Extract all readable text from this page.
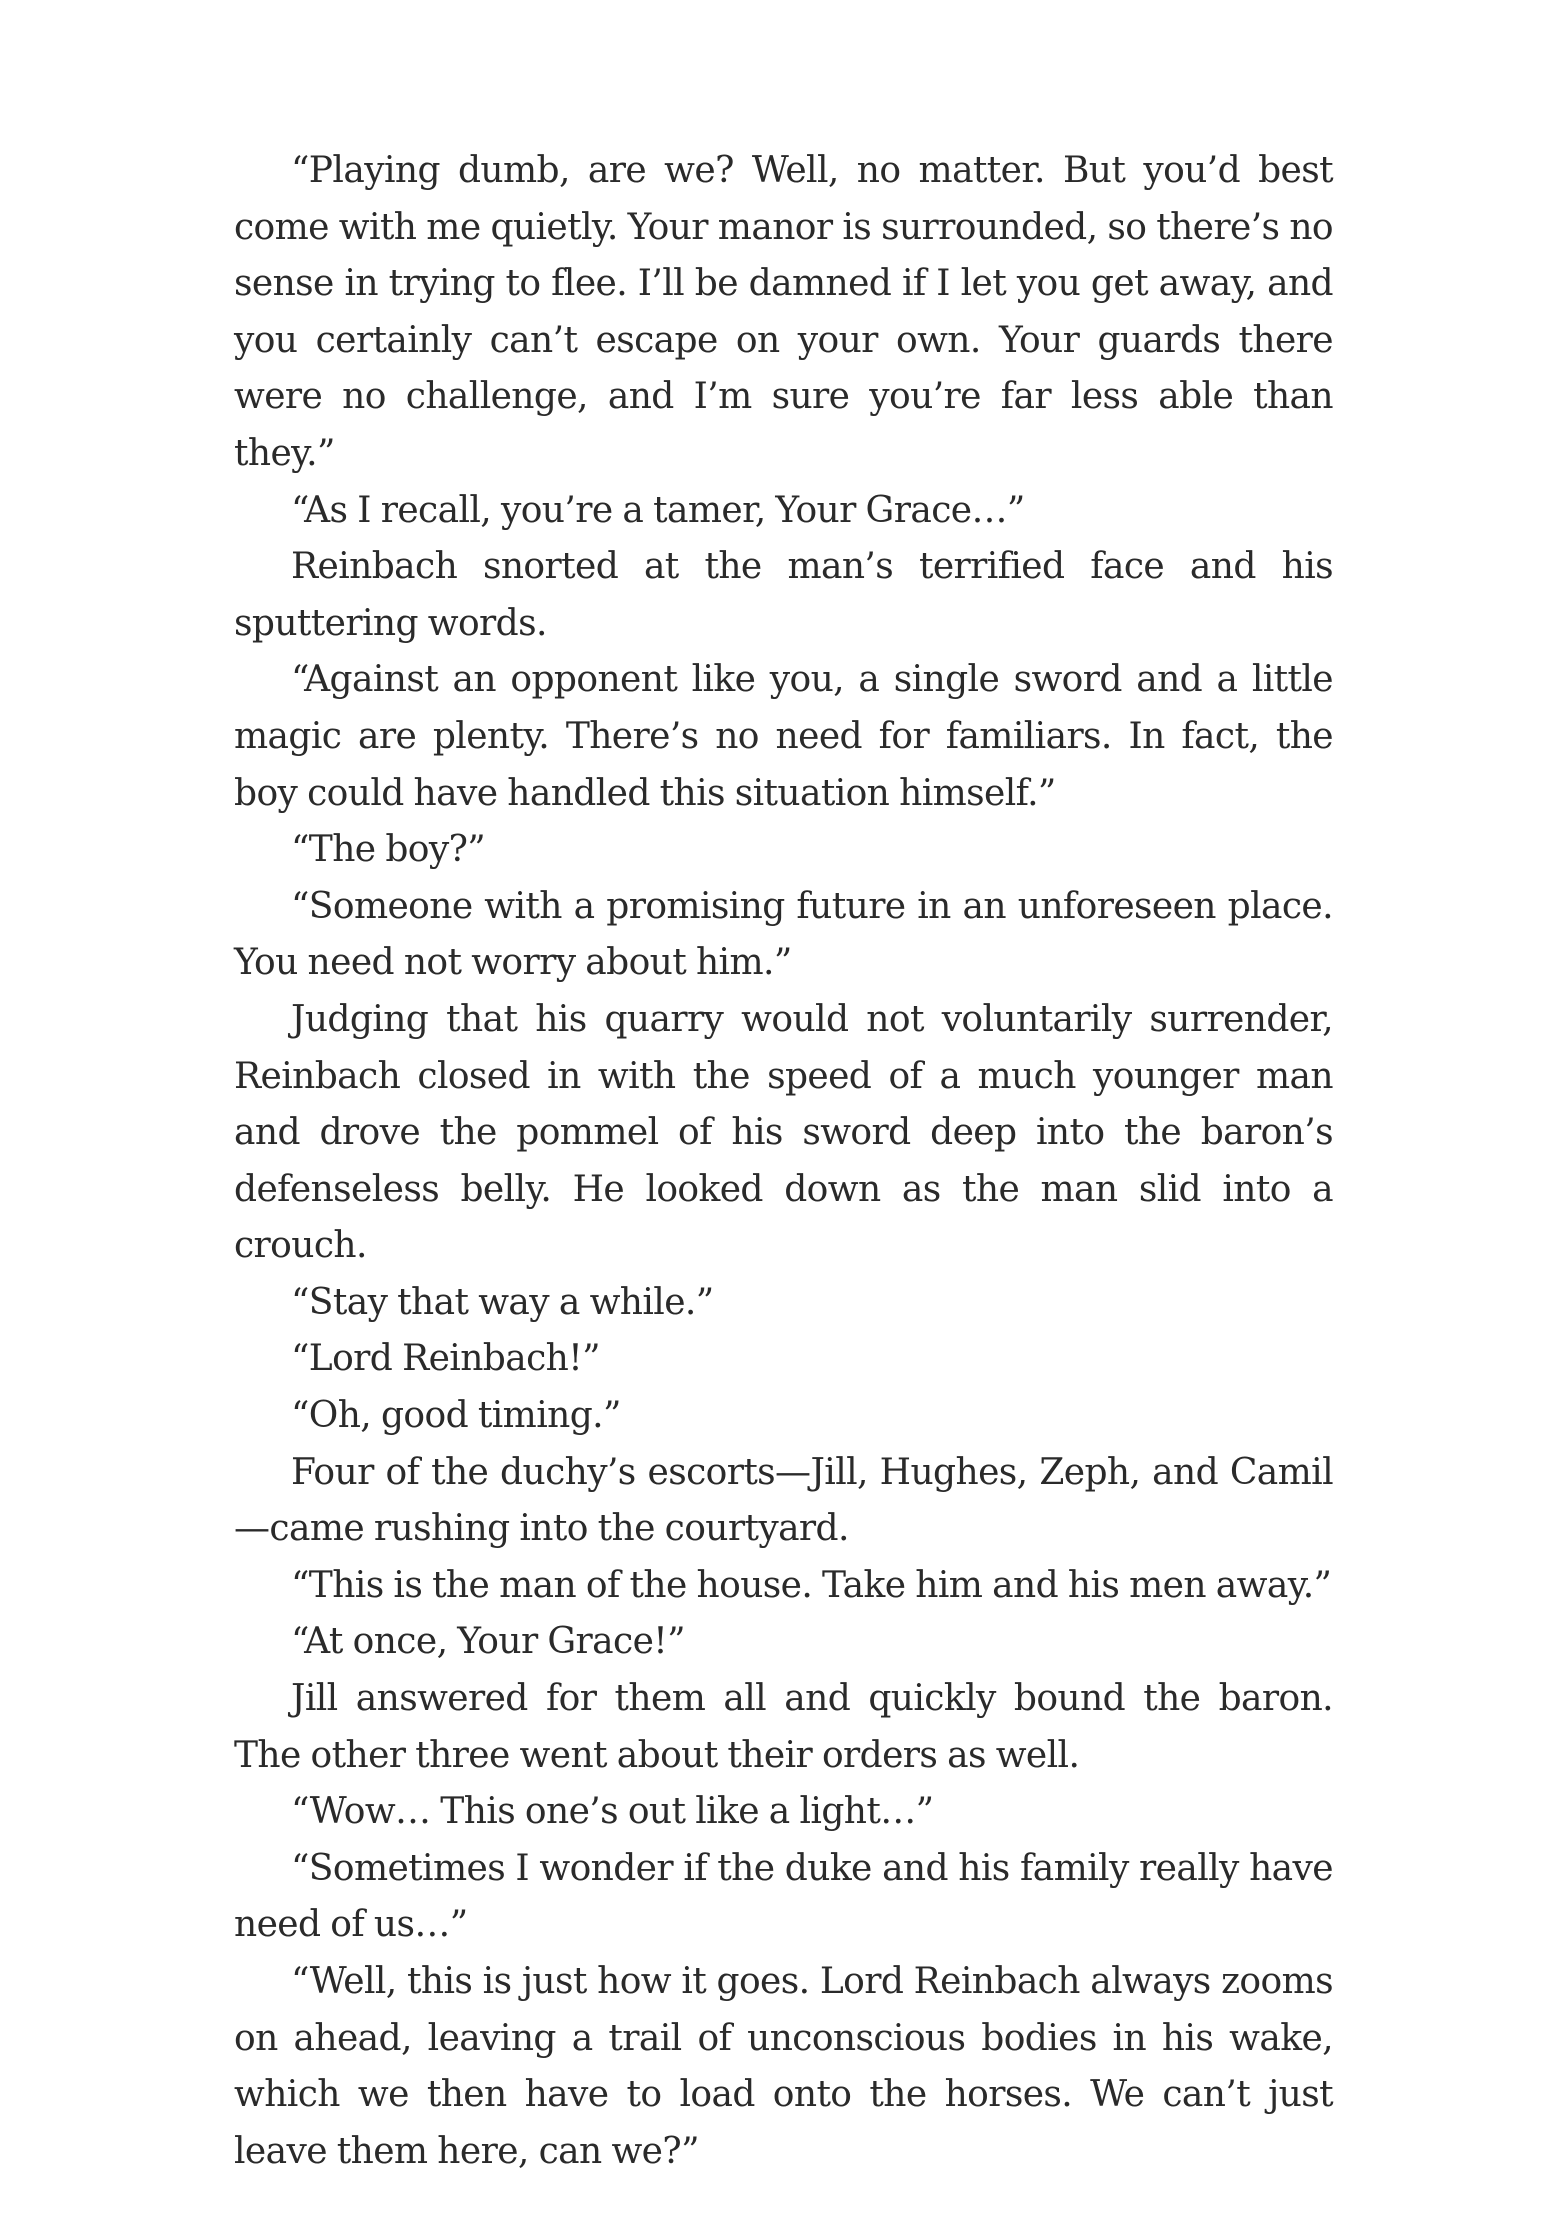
“Playing dumb, are we? Well, no matter. But you’d best come with me quietly. Your manor is surrounded, so there’s no sense in trying to flee. I’ll be damned if I let you get away, and you certainly can’t escape on your own. Your guards there were no challenge, and I’m sure you’re far less able than they.”

“As I recall, you’re a tamer, Your Grace…”

Reinbach snorted at the man’s terrified face and his sputtering words.

“Against an opponent like you, a single sword and a little magic are plenty. There’s no need for familiars. In fact, the boy could have handled this situation himself.”

“The boy?”

“Someone with a promising future in an unforeseen place. You need not worry about him.”

Judging that his quarry would not voluntarily surrender, Reinbach closed in with the speed of a much younger man and drove the pommel of his sword deep into the baron’s defenseless belly. He looked down as the man slid into a crouch.

“Stay that way a while.”

“Lord Reinbach!”

“Oh, good timing.”

Four of the duchy’s escorts—Jill, Hughes, Zeph, and Camil—came rushing into the courtyard.

“This is the man of the house. Take him and his men away.”

“At once, Your Grace!”

Jill answered for them all and quickly bound the baron. The other three went about their orders as well.

“Wow… This one’s out like a light…”

“Sometimes I wonder if the duke and his family really have need of us…”

“Well, this is just how it goes. Lord Reinbach always zooms on ahead, leaving a trail of unconscious bodies in his wake, which we then have to load onto the horses. We can’t just leave them here, can we?”
